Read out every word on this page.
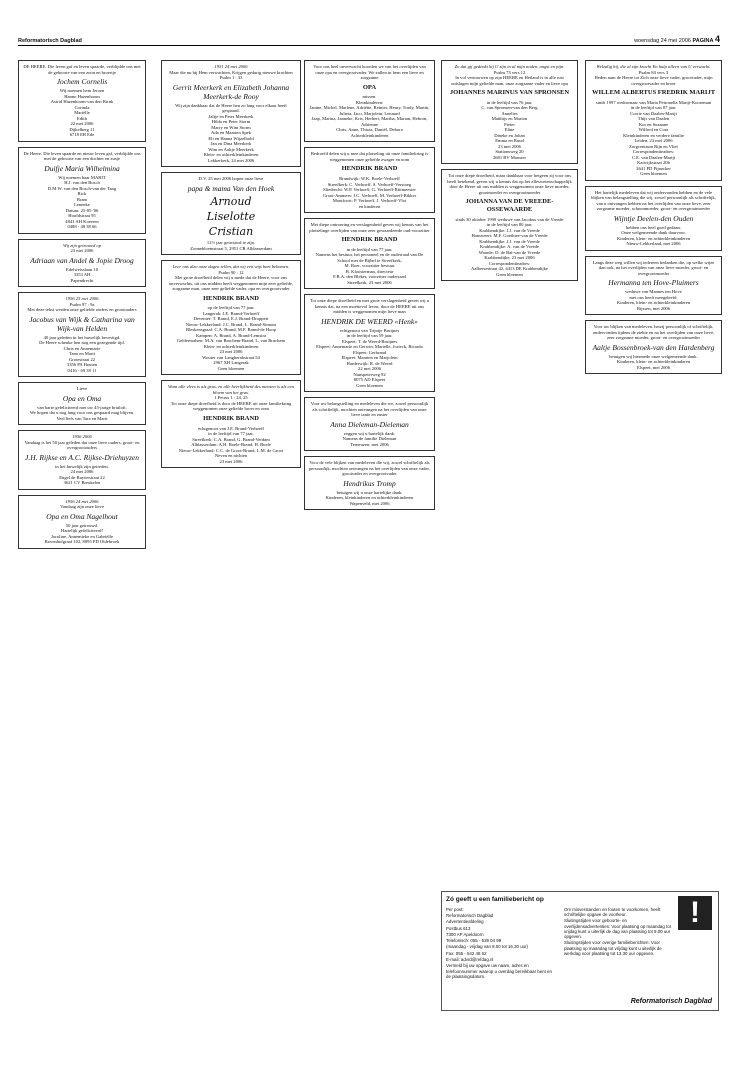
Reformatorisch Dagblad	woensdag 24 mei 2006 PAGINA 4
DE HEERE. Die leven gaf en leven spaarde, verblijdde ons met de geboorte van een zoon en broertje
Jochem Cornelis
Wij noemen hem Jeroen
Hanno Hazenhoom
Astrid Hazenhoom-van den Brink
Corinda
Mariëlle
Edith
22 mei 2006
Dijkelberg 11
6718 EB Ede
De Heere. Die leven spaarde en nieuw leven gaf, verblijdde ons met de geboorte van een dochter en zusje
Duifje Maria Wilhelmina
Wij noemen haar MARIT
H.J. van den Bosch
D.M.W. van den Bosch-van der Tang
Rick
Bram
Lenneke
Datum: 25-05-'06
Hoofdstraat 95
4841 AH Koeeren
0488 - 48 38 66
Wij zijn getrouwd op
23 mei 2006
Adriaan van Andel & Jopie Droog
Edelweisslaan 10
3353 AH
Papendrecht
1956 25 mei 2006
Psalm 97 : 9a
Met deze tekst werden onze geliefde ouders en grootouders
Jacobus van Wijk & Catharina van Wijk-van Helden
40 jaar geleden in het huwelijk bevestigd.
De Heere schenke hen nog een gezegende tijd.
Chris en Annemarie
Tano en Marit
Grotestraat 22
3356 PA Houten
0416 - 69 39 11
Lieve
Opa en Oma
van harte gefeliciteerd met uw 45-jarige bruiloft.
We hopen dat u nog lang voor ons gespaard mag blijven.
Veel liefs van Tara en Marit
1956 2006
Vandaag is het 50 jaar geleden dat onze lieve ouders, groot- en overgrootouders
J.H. Rijkse en A.C. Rijkse-Driehuyzen
in het huwelijk zijn getreden.
24 mei 2006
Engel de Ruyterstraat 22
3621 CV Breukelen
1956 24 mei 2006
Vandaag zijn onze lieve
Opa en Oma Nagelhout
50 jaar getrouwd.
Hartelijk gefeliciteerd!
Jacoline, Annemieke en Gabriëlle
Bovenhofgraaf 102, 8095 PD Oldebroek
1951 24 mei 2006
Maar die nu bij Hem verwachten, Krijgen gedurig nieuwe krachten
Psalm 1 : 33
Gerrit Meerkerk en Elizabeth Johanna Meerkerk-de Rooy
Wij zijn dankbaar dat de Heere hen zo lang voor elkaar heeft gespaard.
Jaltje en Peter Meerkerk
Hilda en Peter Storm
Marry en Wim Storm
Ada en Maarten Spek
Eli en Hanna Wijzelbold
Jan en Dina Meerkerk
Wim en Aaltje Meerkerk
Klein- en achterkleinkinderen
Lekkerkerk, 24 mei 2006
D.V. 25 mei 2006 hopen onze lieve
papa & mama Van den Hoek
Arnoud
Liselotte
Cristian
12½ jaar getrouwd te zijn.
Zonnebloemstraat 5, 2951 CR Alblasserdam
Leer ons alzo onze dagen tellen, dat wij een wijs hart bekomen.
Psalm 90 : 12
Met grote droefheid delen wij u mede dat de Heere, voor ons onverwachts, uit ons midden heeft weggenomen mijn zeer geliefde, zorgzame man, onze zeer geliefde vader, opa en overgrootvader
HENDRIK BRAND
op de leeftijd van 77 jaar.
Langerak: J.E. Brand-Verhoeff
Deventer: T. Brand, E.J. Brand-Droppert
Nieuw-Lekkerland: J.C. Brand, L. Brand-Simons
Bleskensgraaf: C.A. Brand, M.F. Brand-de Hoop
Kampen: A. Brand, A. Brand-Lemstra
Geldermalsen: M.A. van Bruchem-Brand, L. van Bruchem
Klein- en achterkleinkinderen
23 mei 2006
Wouter van Langherakstraat 54
2967 XH Langerak
Geen bloemen
Want alle vlees is als gras, en alle heerlijkheid des mensen is als een bloem van het gras.
1 Petrus 1 : 24, 25
Tot onze diepe droefheid is door de HEERE uit onze familiekring weggenomen onze geliefde broer en oom
HENDRIK BRAND
echtgenoot van J.E. Brand-Verhoeff
in de leeftijd van 77 jaar.
Streefkerk: C.A. Brand, G. Brand-Verdam
Alblasserdam: A.H. Boele-Brand, H. Boele
Nieuw-Lekkerland: C.C. de Groot-Brand, L.M. de Groot
Neven en nichten
23 mei 2006
Voor ons heel onverwacht hoorden we van het overlijden van onze opa en overgrootvader. We zullen in hem een lieve en zorgzame
OPA
missen.
Kleinkinderen:
Janine, Michel, Marlene, Adriëtte, Reinier, Henry, Trudy, Martin, Julieta, Jaco, Marjolein, Lennard
Jaap, Marina, Janneke, Kris, Herbert, Martha, Marian, Hebron, Adrienne
Chris, Anne, Thirza, Daniël, Debora
Achterkleinkinderen
Bedroefd delen wij u mee dat plotseling uit onze familiekring is weggenomen onze geliefde zwager en oom
HENDRIK BRAND
Brandwijk: W.K. Boele-Verhoeff
Streefkerk: C. Verhoeff, S. Verhoeff-Verstoeg
Sliedrecht: W.P. Verhoeff, G. Verhoeff-Rittmeester
Groot-Ammers: J.C. Verhoeff, M. Verhoeff-Bikker
Montfoort: P. Verhoeff, J. Verhoeff-Vlot
en kinderen
Met diepe ontroering en verslagenheid geven wij kennis van het plotselinge overlijden van onze zeer gewaardeerde oud-voorzitter
HENDRIK BRAND
in de leeftijd van 77 jaar.
Namens het bestuur, het personeel en de ouderraad van De School met de Bijbel te Streefkerk,
M. Boer, voorzitter bestuur
H. Kloosterman, directeur
F.B.A. den Bleker, voorzitter ouderraad
Streefkerk, 23 mei 2006
Tot onze diepe droefheid en met grote verslagenheid geven wij u kennis dat, na een moeitevol leven, door de HEERE uit ons midden is weggenomen mijn lieve man
HENDRIK DE WEERD «Henk»
echtgenoot van Trijntje Bruijnes
in de leeftijd van 59 jaar.
Elspeet: T. de Weerd-Bruijnes
Elspeet: Annemarie en Gerwin, Marielle, Jorieck, Ricardo
Elspeet: Gerbrand
Elspeet: Maarten en Marjolein
Harderwijk: R. de Weerd
22 mei 2006
Nunspeterweg 92
8075 AD Elspeet
Geen bloemen
Voor uw belangstelling en medeleven die we, zowel persoonlijk als schriftelijk, mochten ontvangen na het overlijden van onze lieve tante en zuster
Anna Dieleman-Dieleman
zeggen wij u hartelijk dank.
Namens de familie Dieleman
Terneuzen, mei 2006
Voor de vele blijken van medeleven die wij, zowel schriftelijk als persoonlijk, mochten ontvangen na het overlijden van onze vader, grootvader en overgrootvader
Hendrikus Tromp
betuigen wij u onze hartelijke dank.
Kinderen, kleinkinderen en achterkleinkinderen
Wapenveld, mei 2006
Zo dat gij gedenkt hij U zijn in al mijn noden, angst en pijn.
Psalm 73 vers 12
In vol vertrouwen op zijn HEERE en Heiland is in alle rust ontslagen mijn geliefde man, onze zorgzame vader en lieve opa
JOHANNES MARINUS VAN SPRONSEN
in de leeftijd van 76 jaar.
C. van Spronsen-van den Berg
Annelies
Matthijs en Marion
Pieter
Eline
Dineke en Johan
Emma en Ruud
23 mei 2006
Stationsweg 20
2681 BV Monster
Tot onze diepe droefheid, maar dankbaar voor hetgeen zij voor ons heeft betekend, geven wij u kennis dat op het alleswetenschappelijk door de Heere uit ons midden is weggenomen onze lieve moeder, grootmoeder en overgrootmoeder
JOHANNA VAN DE VREEDE-OSSEWAARDE
sinds 30 oktober 1990 weduwe van Jacobus van de Vreede
in de leeftijd van 80 jaar.
Krabbendijke: J.J. van de Vreede
Hansweert: M.F. Goethiee-van de Vreede
Krabbendijke: J.J. van de Vreede
Krabbendijke: A. van de Vreede
Waarde: D. de Bat-van de Vreede
Krabbendijke, 23 mei 2006
Correspondentieadres:
Aalbersestraat 42, 4413 DE Krabbendijke
Geen bloemen
Welzalig hij, die al zijn kracht En hulp alleen van U verwacht.
Psalm 84 vers 3
Heden nam de Heere tot Zich onze lieve vader, grootvader, mijn overgrootvader en broer
WILLEM ALBERTUS FREDRIK MARIJT
sinds 1997 weduwnaar van Maria Petronella Marijt-Kooreman
in de leeftijd van 87 jaar.
Corrie van Daalen-Marijt
Thijs van Daalen
Kor en Suzanne
Wilfred en Cora
Kleinkinderen en verdere familie
Leiden, 23 mei 2006
Zorgcentrum Rijn en Vliet
Correspondentieadres:
C.E. van Daalen-Marijt
Katwijkstraat 20b
2641 PD Pijnacker
Geen bloemen
Het hartelijk medeleven dat wij ondervonden hebben en de vele blijken van belangstelling die wij, zowel persoonlijk als schriftelijk, van u ontvangen hebben na het overlijden van onze lieve, zeer zorgzame moeder, schoonmoeder, groot- en overgrootmoeder
Wijntje Deelen-den Ouden
hebben ons heel goed gedaan.
Onze welgemeende dank daarvoor.
Kinderen, klein- en achterkleinkinderen
Nieuw-Lekkerland, mei 2006
Langs deze weg willen wij iedereen bedanken die, op welke wijze dan ook, na het overlijden van onze lieve moeder, groot- en overgrootmoeder
Hermanna ten Hove-Pluimers
weduwe van Mannes ten Hove
met ons heeft meegeleefd.
Kinderen, klein- en achterkleinkinderen
Rijssen, mei 2006
Voor uw blijken van medeleven, hetzij persoonlijk of schriftelijk, ondervonden tijdens de ziekte en na het overlijden van onze lieve, zeer zorgzame moeder, groot- en overgrootmoeder
Aaltje Bossenbroek-van den Hardenberg
betuigen wij hiermede onze welgemeende dank.
Kinderen, klein- en achterkleinkinderen
Elspeet, mei 2006
!
Zó geeft u een familiebericht op
Per post:
Reformatorisch Dagblad
Advertentieafdeling
Postbus 613
7300 AP Apeldoorn
Telefonisch: 055 - 539 04 99
(maandag - vrijdag van 8.00 tot 16.30 uur)
Fax: 055 - 542 48 62
E-mail: advrd@refdag.nl
Vermeld bij uw opgave uw naam, adres en telefoonnummer waarop u overdag bereikbaar bent en de plaatsingsdatum.
Om misverstanden en fouten te voorkomen, heeft schriftelijke opgave de voorkeur.
Sluitingstijden voor geboorte- en overlijdensadvertenties: Voor plaatsing op maandag tot vrijdag kunt u uiterlijk de dag van plaatsing tot 9.00 uur opgeven.
Sluitingstijden voor overige familieberichten: Voor plaatsing op maandag tot vrijdag kunt u uiterlijk de werkdag voor plaatsing tot 13.30 uur opgeven.
Reformatorisch Dagblad
